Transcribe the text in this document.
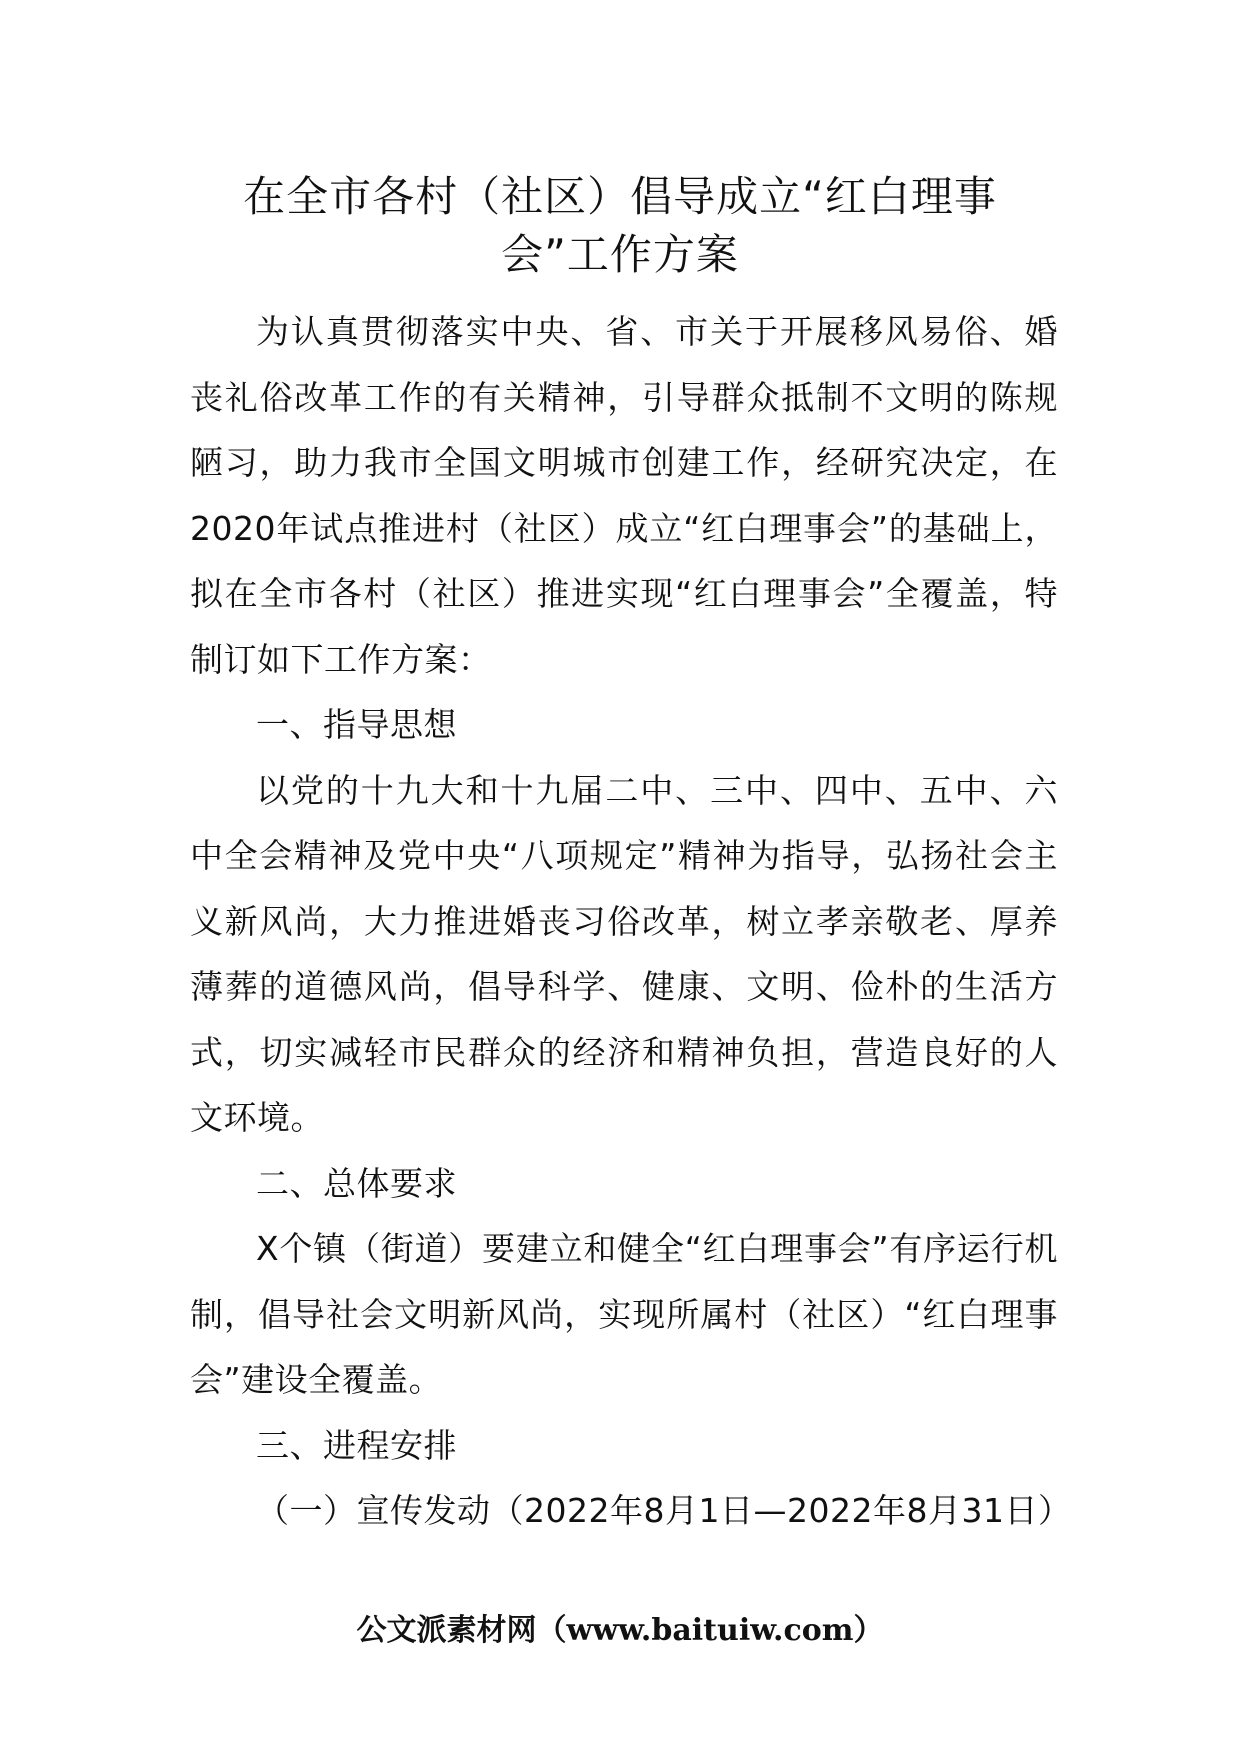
在全市各村（社区）倡导成立“红白理事会”工作方案

为认真贯彻落实中央、省、市关于开展移风易俗、婚丧礼俗改革工作的有关精神，引导群众抵制不文明的陈规陋习，助力我市全国文明城市创建工作，经研究决定，在2020年试点推进村（社区）成立“红白理事会”的基础上，拟在全市各村（社区）推进实现“红白理事会”全覆盖，特制订如下工作方案：

一、指导思想

以党的十九大和十九届二中、三中、四中、五中、六中全会精神及党中央“八项规定”精神为指导，弘扬社会主义新风尚，大力推进婚丧习俗改革，树立孝亲敬老、厚养薄葬的道德风尚，倡导科学、健康、文明、俭朴的生活方式，切实减轻市民群众的经济和精神负担，营造良好的人文环境。

二、总体要求

X个镇（街道）要建立和健全“红白理事会”有序运行机制，倡导社会文明新风尚，实现所属村（社区）“红白理事会”建设全覆盖。

三、进程安排

（一）宣传发动（2022年8月1日—2022年8月31日）

公文派素材网（www.baituiw.com）
